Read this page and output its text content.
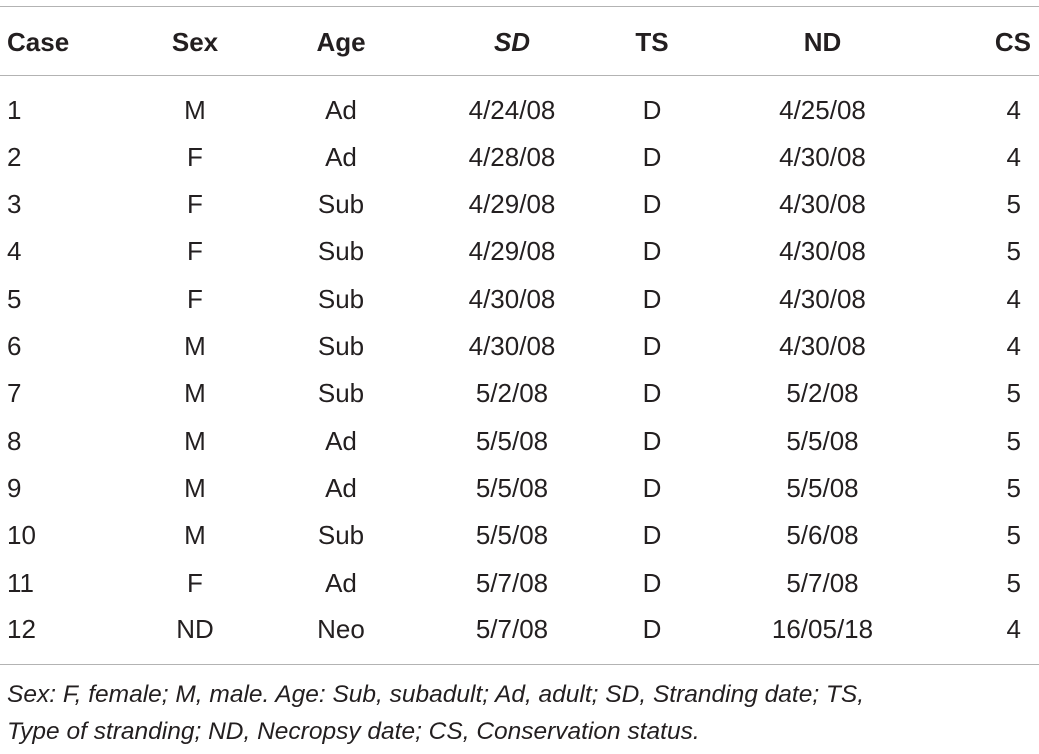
Case	Sex	Age	SD	TS	ND	CS
1	M	Ad	4/24/08	D	4/25/08	4
2	F	Ad	4/28/08	D	4/30/08	4
3	F	Sub	4/29/08	D	4/30/08	5
4	F	Sub	4/29/08	D	4/30/08	5
5	F	Sub	4/30/08	D	4/30/08	4
6	M	Sub	4/30/08	D	4/30/08	4
7	M	Sub	5/2/08	D	5/2/08	5
8	M	Ad	5/5/08	D	5/5/08	5
9	M	Ad	5/5/08	D	5/5/08	5
10	M	Sub	5/5/08	D	5/6/08	5
11	F	Ad	5/7/08	D	5/7/08	5
12	ND	Neo	5/7/08	D	16/05/18	4
Sex: F, female; M, male. Age: Sub, subadult; Ad, adult; SD, Stranding date; TS,
Type of stranding; ND, Necropsy date; CS, Conservation status.
